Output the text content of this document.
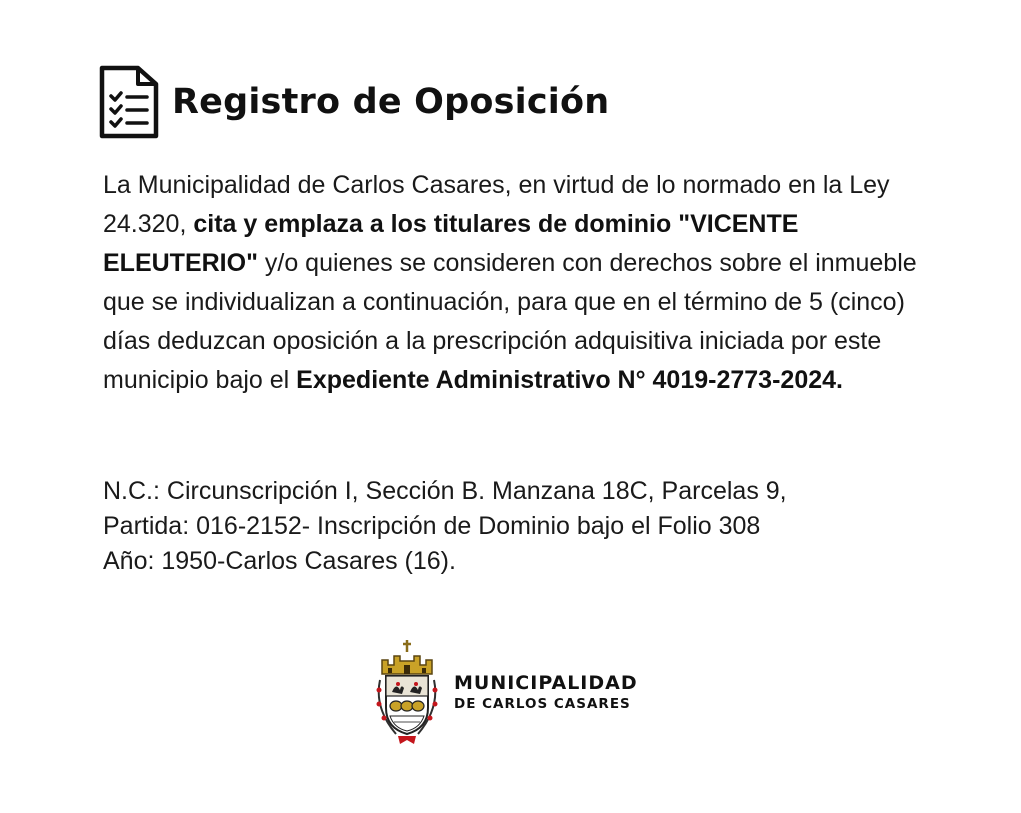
Registro de Oposición

La Municipalidad de Carlos Casares, en virtud de lo normado en la Ley 24.320, cita y emplaza a los titulares de dominio "VICENTE ELEUTERIO" y/o quienes se consideren con derechos sobre el inmueble que se individualizan a continuación, para que en el término de 5 (cinco) días deduzcan oposición a la prescripción adquisitiva iniciada por este municipio bajo el Expediente Administrativo N° 4019-2773-2024.

N.C.: Circunscripción I, Sección B. Manzana 18C, Parcelas 9,
Partida: 016-2152- Inscripción de Dominio bajo el Folio 308
Año: 1950-Carlos Casares (16).
MUNICIPALIDAD
DE CARLOS CASARES
